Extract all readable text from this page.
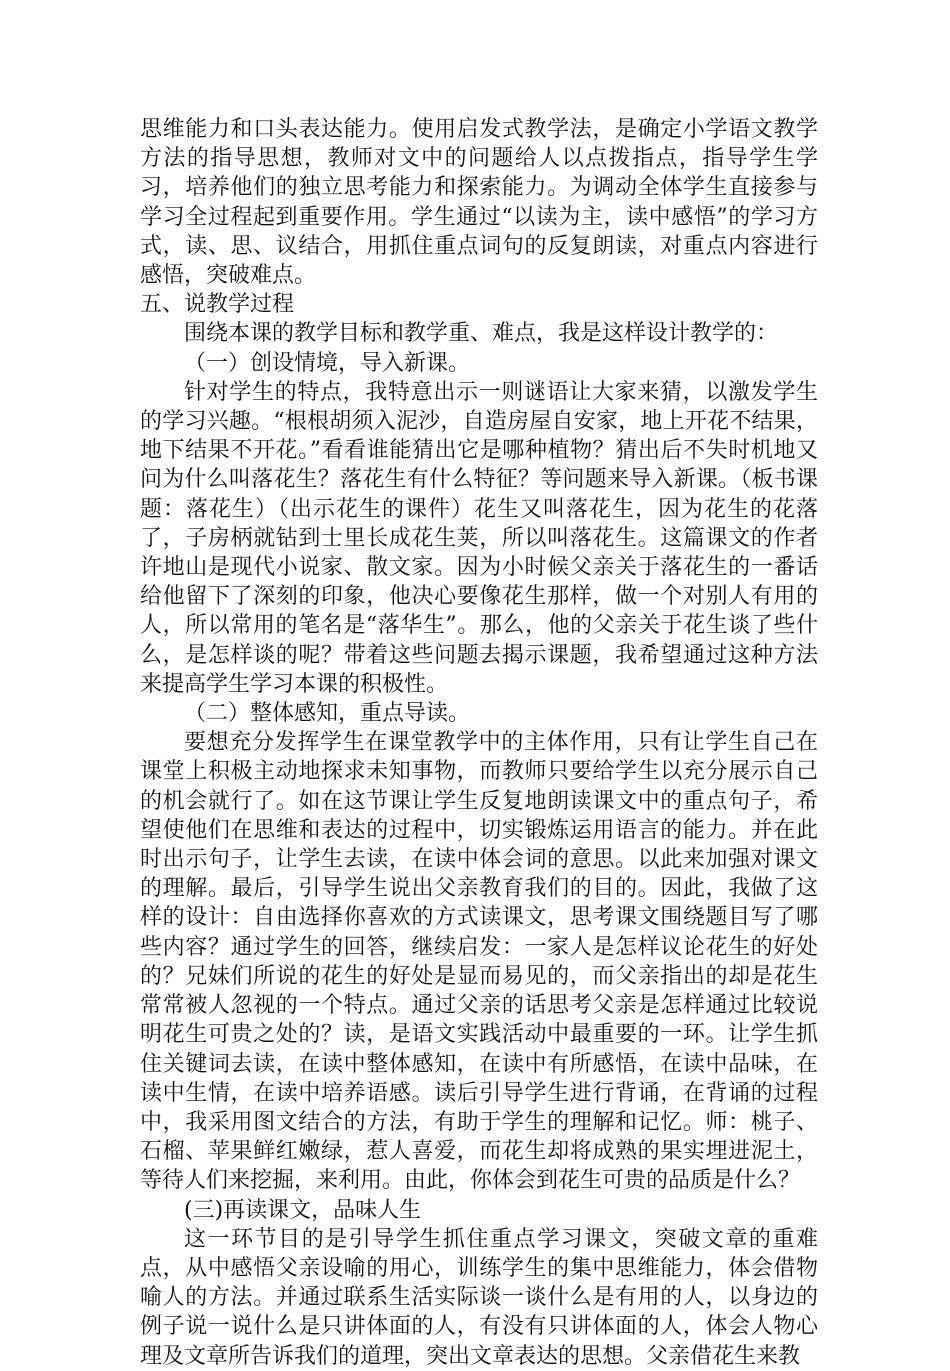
思维能力和口头表达能力。使用启发式教学法，是确定小学语文教学方法的指导思想，教师对文中的问题给人以点拨指点，指导学生学习，培养他们的独立思考能力和探索能力。为调动全体学生直接参与学习全过程起到重要作用。学生通过“以读为主，读中感悟”的学习方式，读、思、议结合，用抓住重点词句的反复朗读，对重点内容进行感悟，突破难点。

五、说教学过程

围绕本课的教学目标和教学重、难点，我是这样设计教学的：

（一）创设情境，导入新课。

针对学生的特点，我特意出示一则谜语让大家来猜，以激发学生的学习兴趣。“根根胡须入泥沙，自造房屋自安家，地上开花不结果，地下结果不开花。”看看谁能猜出它是哪种植物？猜出后不失时机地又问为什么叫落花生？落花生有什么特征？等问题来导入新课。（板书课题：落花生）（出示花生的课件）花生又叫落花生，因为花生的花落了，子房柄就钻到士里长成花生荚，所以叫落花生。这篇课文的作者许地山是现代小说家、散文家。因为小时候父亲关于落花生的一番话给他留下了深刻的印象，他决心要像花生那样，做一个对别人有用的人，所以常用的笔名是“落华生”。那么，他的父亲关于花生谈了些什么，是怎样谈的呢？带着这些问题去揭示课题，我希望通过这种方法来提高学生学习本课的积极性。

（二）整体感知，重点导读。

要想充分发挥学生在课堂教学中的主体作用，只有让学生自己在课堂上积极主动地探求未知事物，而教师只要给学生以充分展示自己的机会就行了。如在这节课让学生反复地朗读课文中的重点句子，希望使他们在思维和表达的过程中，切实锻炼运用语言的能力。并在此时出示句子，让学生去读，在读中体会词的意思。以此来加强对课文的理解。最后，引导学生说出父亲教育我们的目的。因此，我做了这样的设计：自由选择你喜欢的方式读课文，思考课文围绕题目写了哪些内容？通过学生的回答，继续启发：一家人是怎样议论花生的好处的？兄妹们所说的花生的好处是显而易见的，而父亲指出的却是花生常常被人忽视的一个特点。通过父亲的话思考父亲是怎样通过比较说明花生可贵之处的？读，是语文实践活动中最重要的一环。让学生抓住关键词去读，在读中整体感知，在读中有所感悟，在读中品味，在读中生情，在读中培养语感。读后引导学生进行背诵，在背诵的过程中，我采用图文结合的方法，有助于学生的理解和记忆。师：桃子、石榴、苹果鲜红嫩绿，惹人喜爱，而花生却将成熟的果实埋进泥土，等待人们来挖掘，来利用。由此，你体会到花生可贵的品质是什么？

(三)再读课文，品味人生

这一环节目的是引导学生抓住重点学习课文，突破文章的重难点，从中感悟父亲设喻的用心，训练学生的集中思维能力，体会借物喻人的方法。并通过联系生活实际谈一谈什么是有用的人，以身边的例子说一说什么是只讲体面的人，有没有只讲体面的人，体会人物心理及文章所告诉我们的道理，突出文章表达的思想。父亲借花生来教
